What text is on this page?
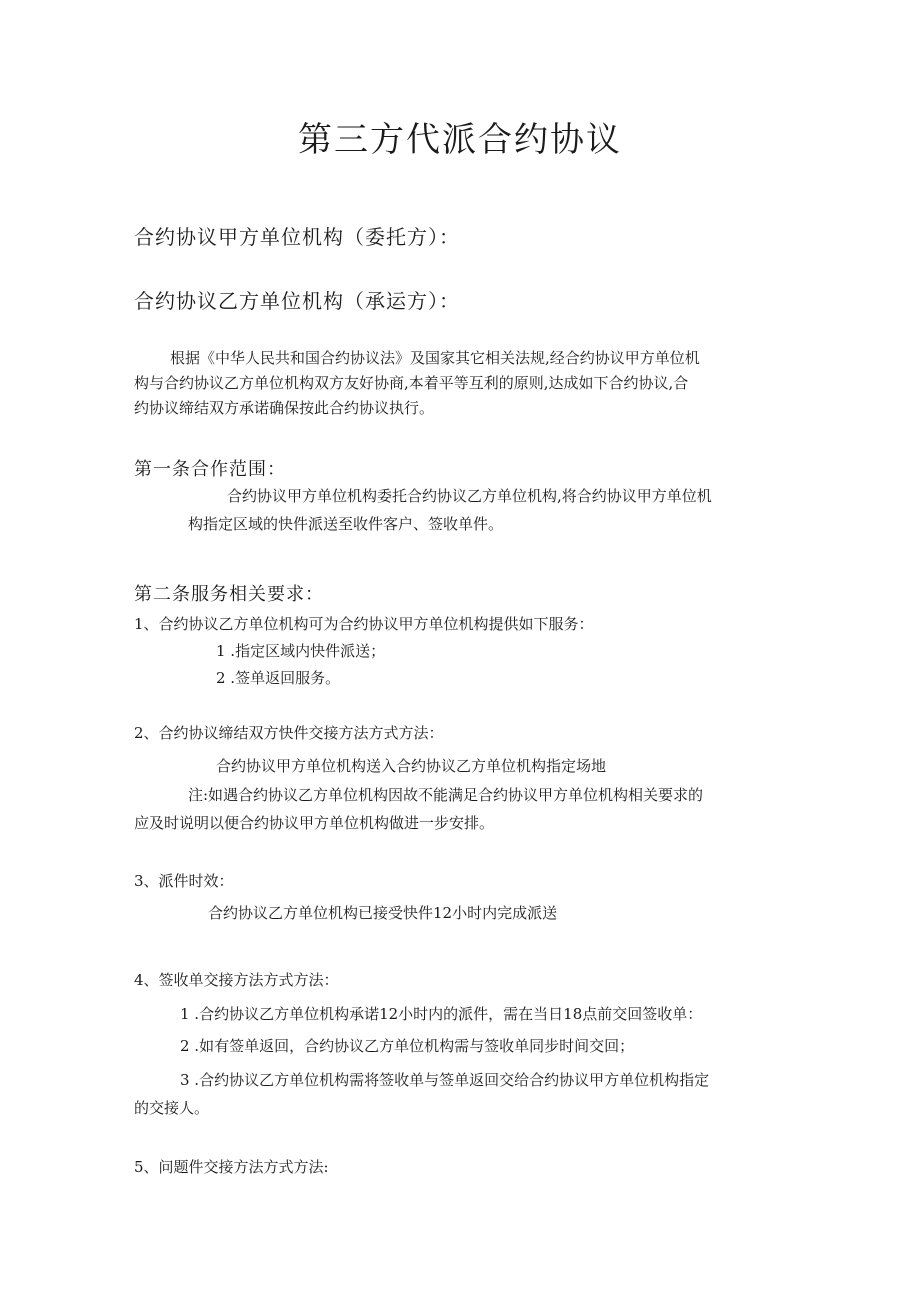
第三方代派合约协议
合约协议甲方单位机构（委托方）：
合约协议乙方单位机构（承运方）：
根据《中华人民共和国合约协议法》及国家其它相关法规,经合约协议甲方单位机
构与合约协议乙方单位机构双方友好协商,本着平等互利的原则,达成如下合约协议,合
约协议缔结双方承诺确保按此合约协议执行。
第一条合作范围：
合约协议甲方单位机构委托合约协议乙方单位机构,将合约协议甲方单位机
构指定区域的快件派送至收件客户、签收单件。
第二条服务相关要求：
1、合约协议乙方单位机构可为合约协议甲方单位机构提供如下服务：
1 .指定区域内快件派送；
2 .签单返回服务。
2、合约协议缔结双方快件交接方法方式方法：
合约协议甲方单位机构送入合约协议乙方单位机构指定场地
注:如遇合约协议乙方单位机构因故不能满足合约协议甲方单位机构相关要求的
应及时说明以便合约协议甲方单位机构做进一步安排。
3、派件时效：
合约协议乙方单位机构已接受快件12小时内完成派送
4、签收单交接方法方式方法：
1 .合约协议乙方单位机构承诺12小时内的派件，需在当日18点前交回签收单：
2 .如有签单返回，合约协议乙方单位机构需与签收单同步时间交回；
3 .合约协议乙方单位机构需将签收单与签单返回交给合约协议甲方单位机构指定
的交接人。
5、问题件交接方法方式方法:
